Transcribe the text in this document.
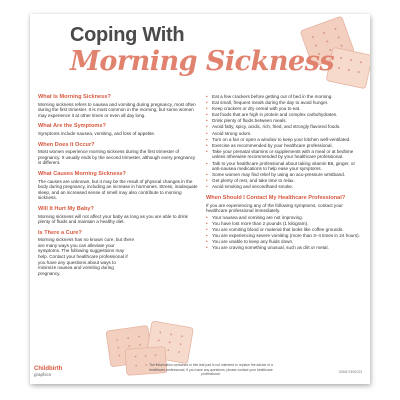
Coping With
Morning Sickness
What Is Morning Sickness?
Morning sickness refers to nausea and vomiting during pregnancy, most often during the first trimester. It is most common in the morning, but some women may experience it at other times or even all day long.
What Are the Symptoms?
Symptoms include nausea, vomiting, and loss of appetite.
When Does It Occur?
Most women experience morning sickness during the first trimester of pregnancy. It usually ends by the second trimester, although every pregnancy is different.
What Causes Morning Sickness?
The causes are unknown, but it may be the result of physical changes in the body during pregnancy, including an increase in hormones. Stress, inadequate sleep, and an increased sense of smell may also contribute to morning sickness.
Will It Hurt My Baby?
Morning sickness will not affect your baby as long as you are able to drink plenty of fluids and maintain a healthy diet.
Is There a Cure?
Morning sickness has no known cure, but there are many ways you can alleviate your symptoms. The following suggestions may help. Contact your healthcare professional if you have any questions about ways to minimize nausea and vomiting during pregnancy.
• Eat a few crackers before getting out of bed in the morning.
• Eat small, frequent meals during the day to avoid hunger.
• Keep crackers or dry cereal with you to eat.
• Eat foods that are high in protein and complex carbohydrates.
• Drink plenty of fluids between meals.
• Avoid fatty, spicy, acidic, rich, fried, and strongly flavored foods.
• Avoid strong odors.
• Turn on a fan or open a window to keep your kitchen well-ventilated.
• Exercise as recommended by your healthcare professional.
• Take your prenatal vitamins or supplements with a meal or at bedtime unless otherwise recommended by your healthcare professional.
• Talk to your healthcare professional about taking vitamin B6, ginger, or anti-nausea medications to help ease your symptoms.
• Some women may find relief by using an acu-pressure wristband.
• Get plenty of rest, and take time to relax.
• Avoid smoking and secondhand smoke.
When Should I Contact My Healthcare Professional?
If you are experiencing any of the following symptoms, contact your healthcare professional immediately.
• Your nausea and vomiting are not improving.
• You have lost more than 2 pounds (1 kilogram).
• You are vomiting blood or material that looks like coffee grounds.
• You are experiencing severe vomiting (more than 3–4 times in 24 hours).
• You are unable to keep any fluids down.
• You are craving something unusual, such as dirt or metal.
Childbirth
graphics
The information contained in this leaf pad is not intended to replace the advice of a healthcare professional. If you have any questions, please contact your healthcare professional.	32845 ©INKO23
